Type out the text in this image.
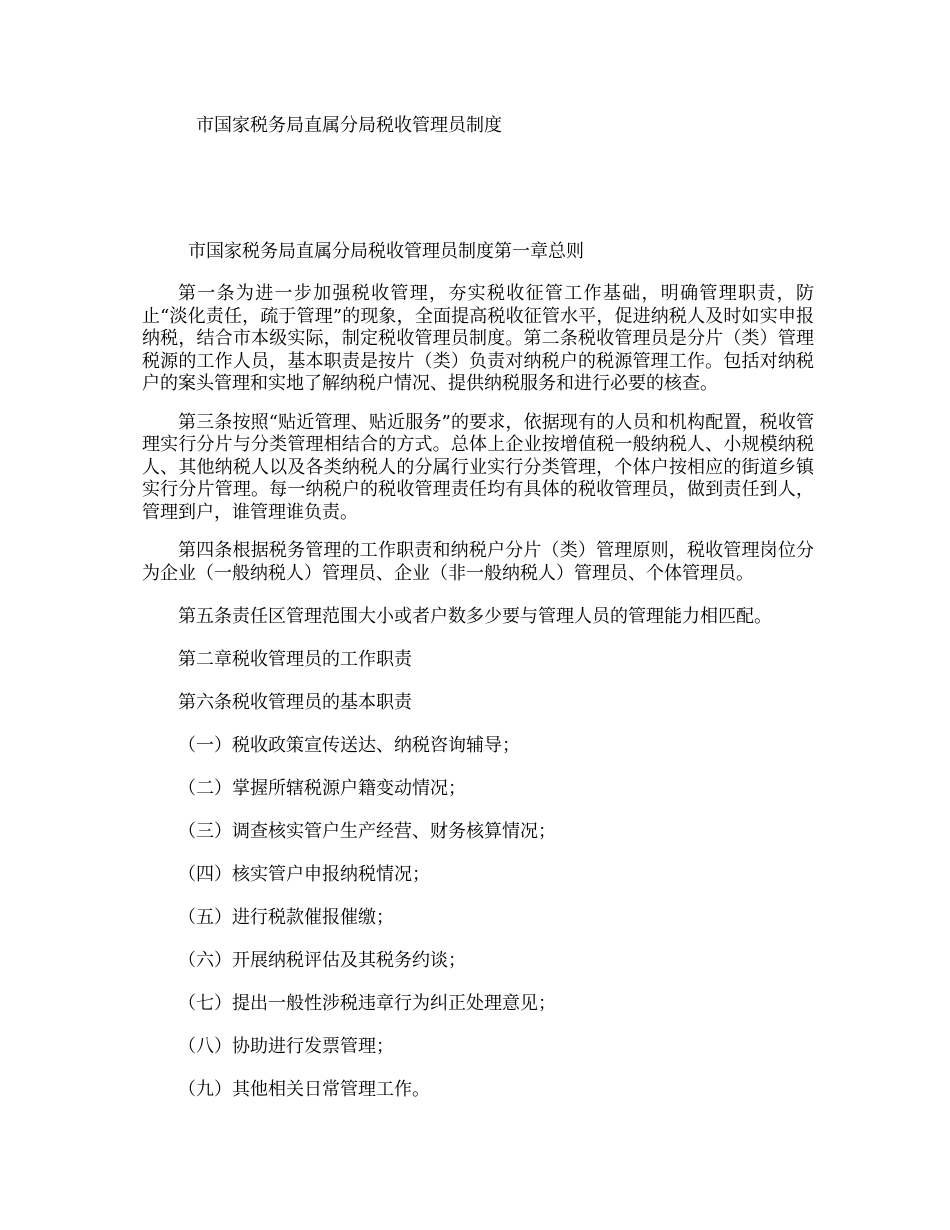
市国家税务局直属分局税收管理员制度
市国家税务局直属分局税收管理员制度第一章总则

第一条为进一步加强税收管理，夯实税收征管工作基础，明确管理职责，防止“淡化责任，疏于管理”的现象，全面提高税收征管水平，促进纳税人及时如实申报纳税，结合市本级实际，制定税收管理员制度。第二条税收管理员是分片（类）管理税源的工作人员，基本职责是按片（类）负责对纳税户的税源管理工作。包括对纳税户的案头管理和实地了解纳税户情况、提供纳税服务和进行必要的核查。

第三条按照“贴近管理、贴近服务”的要求，依据现有的人员和机构配置，税收管理实行分片与分类管理相结合的方式。总体上企业按增值税一般纳税人、小规模纳税人、其他纳税人以及各类纳税人的分属行业实行分类管理，个体户按相应的街道乡镇实行分片管理。每一纳税户的税收管理责任均有具体的税收管理员，做到责任到人，管理到户，谁管理谁负责。

第四条根据税务管理的工作职责和纳税户分片（类）管理原则，税收管理岗位分为企业（一般纳税人）管理员、企业（非一般纳税人）管理员、个体管理员。

第五条责任区管理范围大小或者户数多少要与管理人员的管理能力相匹配。

第二章税收管理员的工作职责

第六条税收管理员的基本职责

（一）税收政策宣传送达、纳税咨询辅导；

（二）掌握所辖税源户籍变动情况；

（三）调查核实管户生产经营、财务核算情况；

（四）核实管户申报纳税情况；

（五）进行税款催报催缴；

（六）开展纳税评估及其税务约谈；

（七）提出一般性涉税违章行为纠正处理意见；

（八）协助进行发票管理；

（九）其他相关日常管理工作。
